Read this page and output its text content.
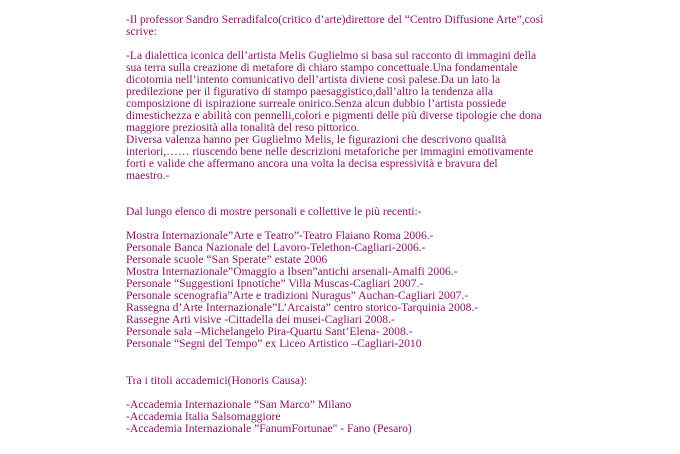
-Il professor Sandro Serradifalco(critico d’arte)direttore del “Centro Diffusione Arte”,così
scrive:

-La dialettica iconica dell’artista Melis Guglielmo si basa sul racconto di immagini della
sua terra sulla creazione di metafore di chiaro stampo concettuale.Una fondamentale
dicotomia nell’intento comunicativo dell’artista diviene così palese.Da un lato la
predilezione per il figurativo di stampo paesaggistico,dall’altro la tendenza alla
composizione di ispirazione surreale onirico.Senza alcun dubbio l’artista possiede
dimestichezza e abilità con pennelli,colori e pigmenti delle più diverse tipologie che dona
maggiore preziosità alla tonalità del reso pittorico.
Diversa valenza hanno per Guglielmo Melis, le figurazioni che descrivono qualità
interiori,…… riuscendo bene nelle descrizioni metaforiche per immagini emotivamente
forti e valide che affermano ancora una volta la decisa espressività e bravura del
maestro.-

Dal lungo elenco di mostre personali e collettive le più recenti:-

Mostra Internazionale”Arte e Teatro”-Teatro Flaiano Roma 2006.-
Personale Banca Nazionale del Lavoro-Telethon-Cagliari-2006.-
Personale scuole “San Sperate” estate 2006
Mostra Internazionale”Omaggio a Ibsen”antichi arsenali-Amalfi 2006.-
Personale “Suggestioni Ipnotiche” Villa Muscas-Cagliari 2007.-
Personale scenografia”Arte e tradizioni Nuragus” Auchan-Cagliari 2007.-
Rassegna d’Arte Internazionale”L’Arcaista” centro storico-Tarquinia 2008.-
Rassegne Arti visive -Cittadella dei musei-Cagliari 2008.-
Personale sala –Michelangelo Pira-Quartu Sant’Elena- 2008.-
Personale “Segni del Tempo” ex Liceo Artistico –Cagliari-2010

Tra i titoli accademici(Honoris Causa):

-Accademia Internazionale “San Marco” Milano
-Accademia Italia Salsomaggiore
-Accademia Internazionale ”FanumFortunae" - Fano (Pesaro)
